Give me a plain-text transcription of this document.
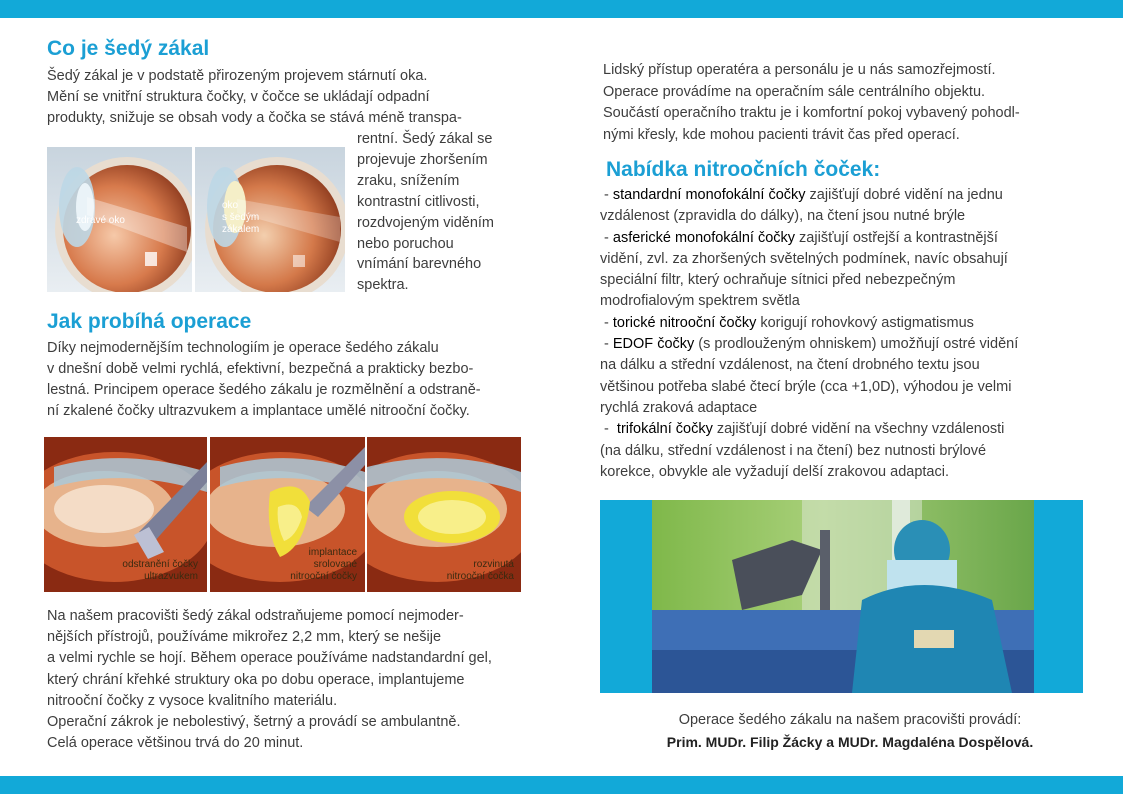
Co je šedý zákal
Šedý zákal je v podstatě přirozeným projevem stárnutí oka.
Mění se vnitřní struktura čočky, v čočce se ukládají odpadní
produkty, snižuje se obsah vody a čočka se stává méně transpa-
zdravé oko
oko
s šedým
zákalem
rentní. Šedý zákal se
projevuje zhoršením
zraku, snížením
kontrastní citlivosti,
rozdvojeným viděním
nebo poruchou
vnímání barevného
spektra.
Jak probíhá operace
Díky nejmodernějším technologiím je operace šedého zákalu
v dnešní době velmi rychlá, efektivní, bezpečná a prakticky bezbo-
lestná. Principem operace šedého zákalu je rozmělnění a odstraně-
ní zkalené čočky ultrazvukem a implantace umělé nitrooční čočky.
odstranění čočky
ultrazvukem
implantace
srolované
nitrooční čočky
rozvinutá
nitrooční čočka
Na našem pracovišti šedý zákal odstraňujeme pomocí nejmoder-
nějších přístrojů, používáme mikrořez 2,2 mm, který se nešije
a velmi rychle se hojí. Během operace používáme nadstandardní gel,
který chrání křehké struktury oka po dobu operace, implantujeme
nitrooční čočky z vysoce kvalitního materiálu.
Operační zákrok je nebolestivý, šetrný a provádí se ambulantně.
Celá operace většinou trvá do 20 minut.
Lidský přístup operatéra a personálu je u nás samozřejmostí.
Operace provádíme na operačním sále centrálního objektu.
Součástí operačního traktu je i komfortní pokoj vybavený pohodl-
nými křesly, kde mohou pacienti trávit čas před operací.
Nabídka nitroočních čoček:
- standardní monofokální čočky zajišťují dobré vidění na jednu
vzdálenost (zpravidla do dálky), na čtení jsou nutné brýle
- asferické monofokální čočky zajišťují ostřejší a kontrastnější
vidění, zvl. za zhoršených světelných podmínek, navíc obsahují
speciální filtr, který ochraňuje sítnici před nebezpečným
modrofialovým spektrem světla
- torické nitrooční čočky korigují rohovkový astigmatismus
- EDOF čočky (s prodlouženým ohniskem) umožňují ostré vidění
na dálku a střední vzdálenost, na čtení drobného textu jsou
většinou potřeba slabé čtecí brýle (cca +1,0D), výhodou je velmi
rychlá zraková adaptace
-  trifokální čočky zajišťují dobré vidění na všechny vzdálenosti
(na dálku, střední vzdálenost i na čtení) bez nutnosti brýlové
korekce, obvykle ale vyžadují delší zrakovou adaptaci.
Operace šedého zákalu na našem pracovišti provádí:
Prim. MUDr. Filip Žácky a MUDr. Magdaléna Dospělová.
